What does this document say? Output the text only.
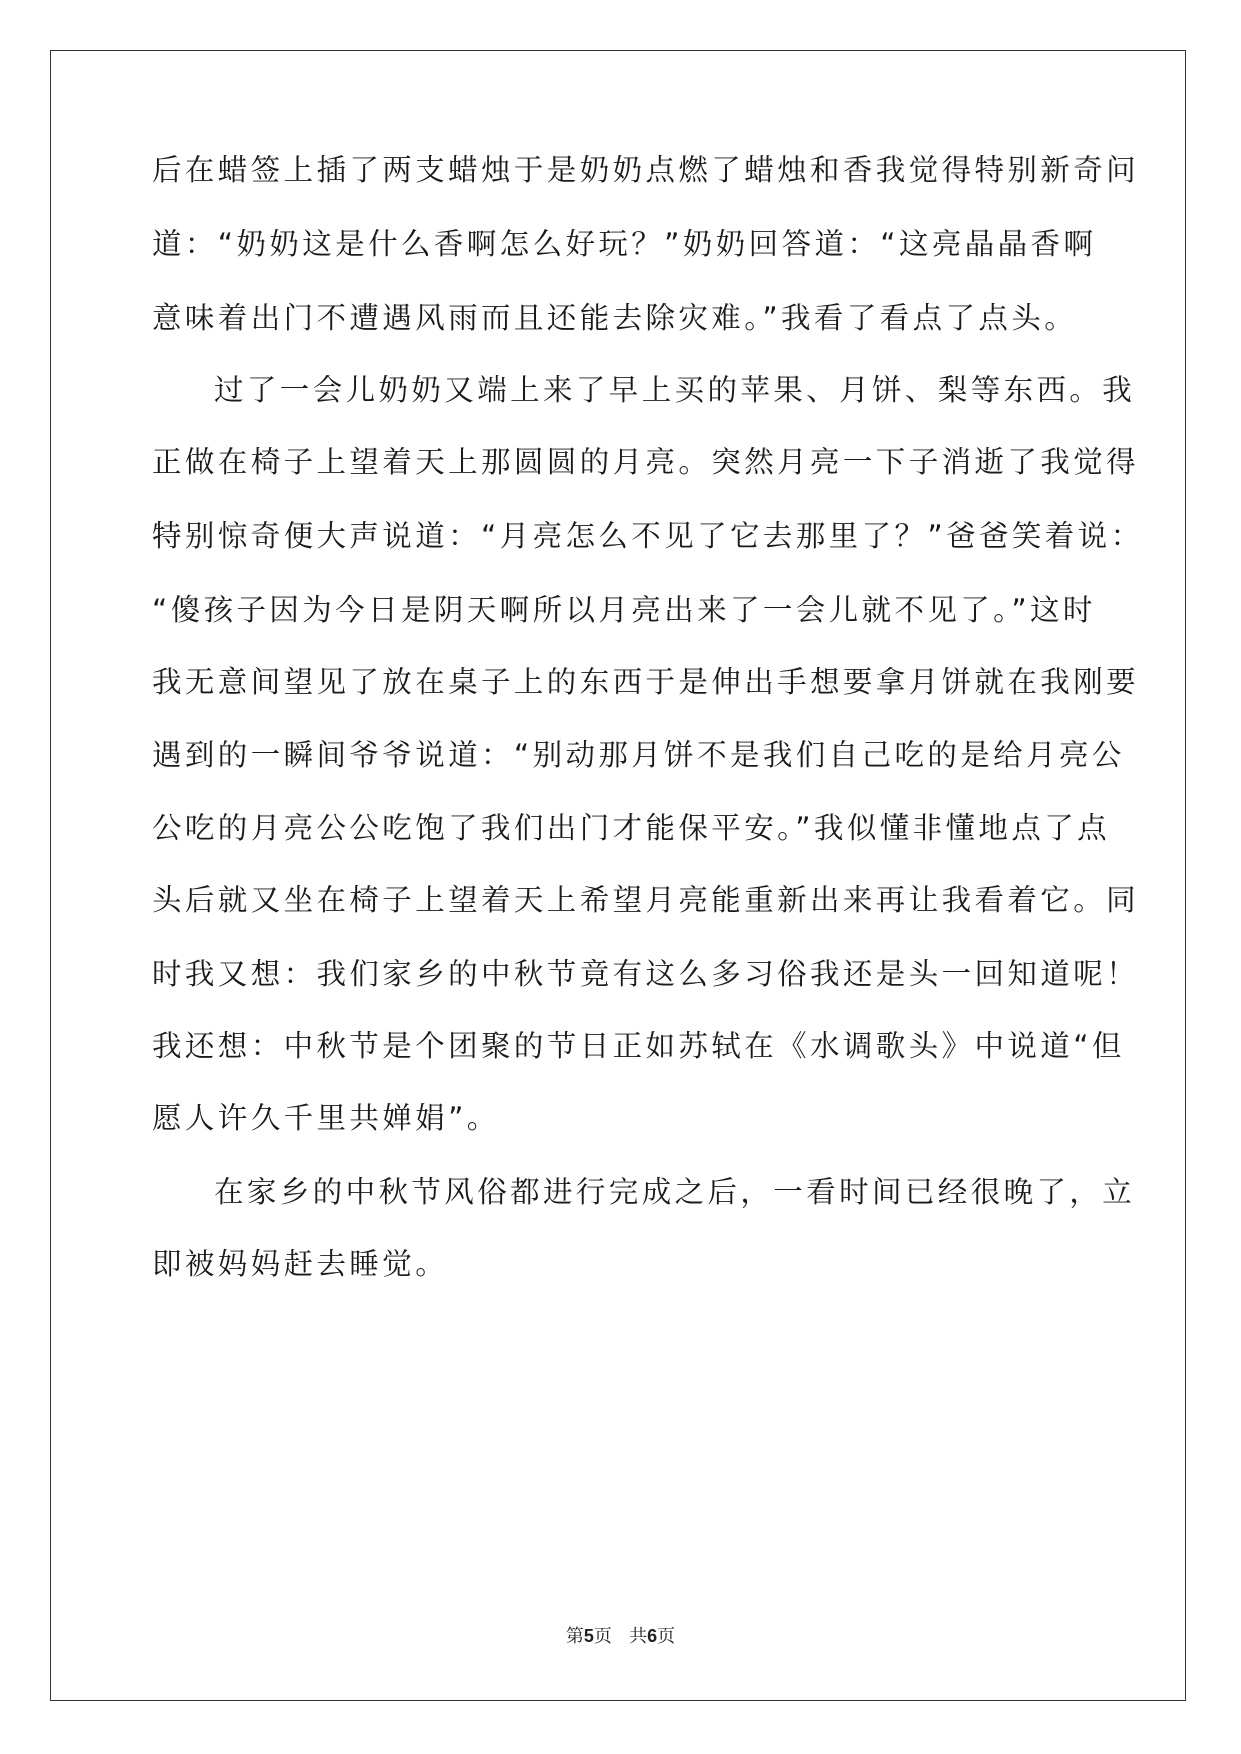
后在蜡签上插了两支蜡烛于是奶奶点燃了蜡烛和香我觉得特别新奇问
道：“奶奶这是什么香啊怎么好玩？”奶奶回答道：“这亮晶晶香啊
意味着出门不遭遇风雨而且还能去除灾难。”我看了看点了点头。
过了一会儿奶奶又端上来了早上买的苹果、月饼、梨等东西。我
正做在椅子上望着天上那圆圆的月亮。突然月亮一下子消逝了我觉得
特别惊奇便大声说道：“月亮怎么不见了它去那里了？”爸爸笑着说：
“傻孩子因为今日是阴天啊所以月亮出来了一会儿就不见了。”这时
我无意间望见了放在桌子上的东西于是伸出手想要拿月饼就在我刚要
遇到的一瞬间爷爷说道：“别动那月饼不是我们自己吃的是给月亮公
公吃的月亮公公吃饱了我们出门才能保平安。”我似懂非懂地点了点
头后就又坐在椅子上望着天上希望月亮能重新出来再让我看着它。同
时我又想：我们家乡的中秋节竟有这么多习俗我还是头一回知道呢！
我还想：中秋节是个团聚的节日正如苏轼在《水调歌头》中说道“但
愿人许久千里共婵娟”。
在家乡的中秋节风俗都进行完成之后，一看时间已经很晚了，立
即被妈妈赶去睡觉。
第5页 共6页
